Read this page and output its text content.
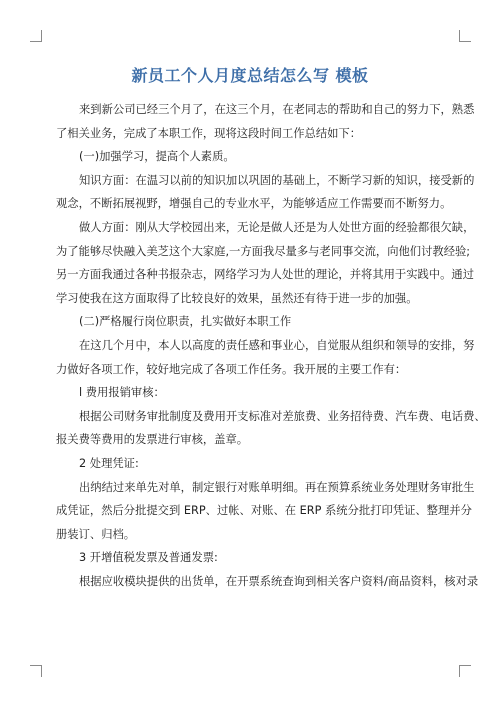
新员工个人月度总结怎么写 模板
来到新公司已经三个月了，在这三个月，在老同志的帮助和自己的努力下，熟悉
了相关业务，完成了本职工作，现将这段时间工作总结如下：
(一)加强学习，提高个人素质。
知识方面：在温习以前的知识加以巩固的基础上，不断学习新的知识，接受新的
观念，不断拓展视野，增强自己的专业水平，为能够适应工作需要而不断努力。
做人方面：刚从大学校园出来，无论是做人还是为人处世方面的经验都很欠缺，
为了能够尽快融入美芝这个大家庭,一方面我尽量多与老同事交流，向他们讨教经验;
另一方面我通过各种书报杂志，网络学习为人处世的理论，并将其用于实践中。通过
学习使我在这方面取得了比较良好的效果，虽然还有待于进一步的加强。
(二)严格履行岗位职责，扎实做好本职工作
在这几个月中，本人以高度的责任感和事业心，自觉服从组织和领导的安排，努
力做好各项工作，较好地完成了各项工作任务。我开展的主要工作有：
l 费用报销审核：
根据公司财务审批制度及费用开支标准对差旅费、业务招待费、汽车费、电话费、
报关费等费用的发票进行审核，盖章。
2 处理凭证:
出纳结过来单先对单，制定银行对账单明细。再在预算系统业务处理财务审批生
成凭证，然后分批提交到 ERP、过帐、对账、在 ERP 系统分批打印凭证、整理并分
册装订、归档。
3 开增值税发票及普通发票:
根据应收模块提供的出货单，在开票系统查询到相关客户资料/商品资料，核对录
